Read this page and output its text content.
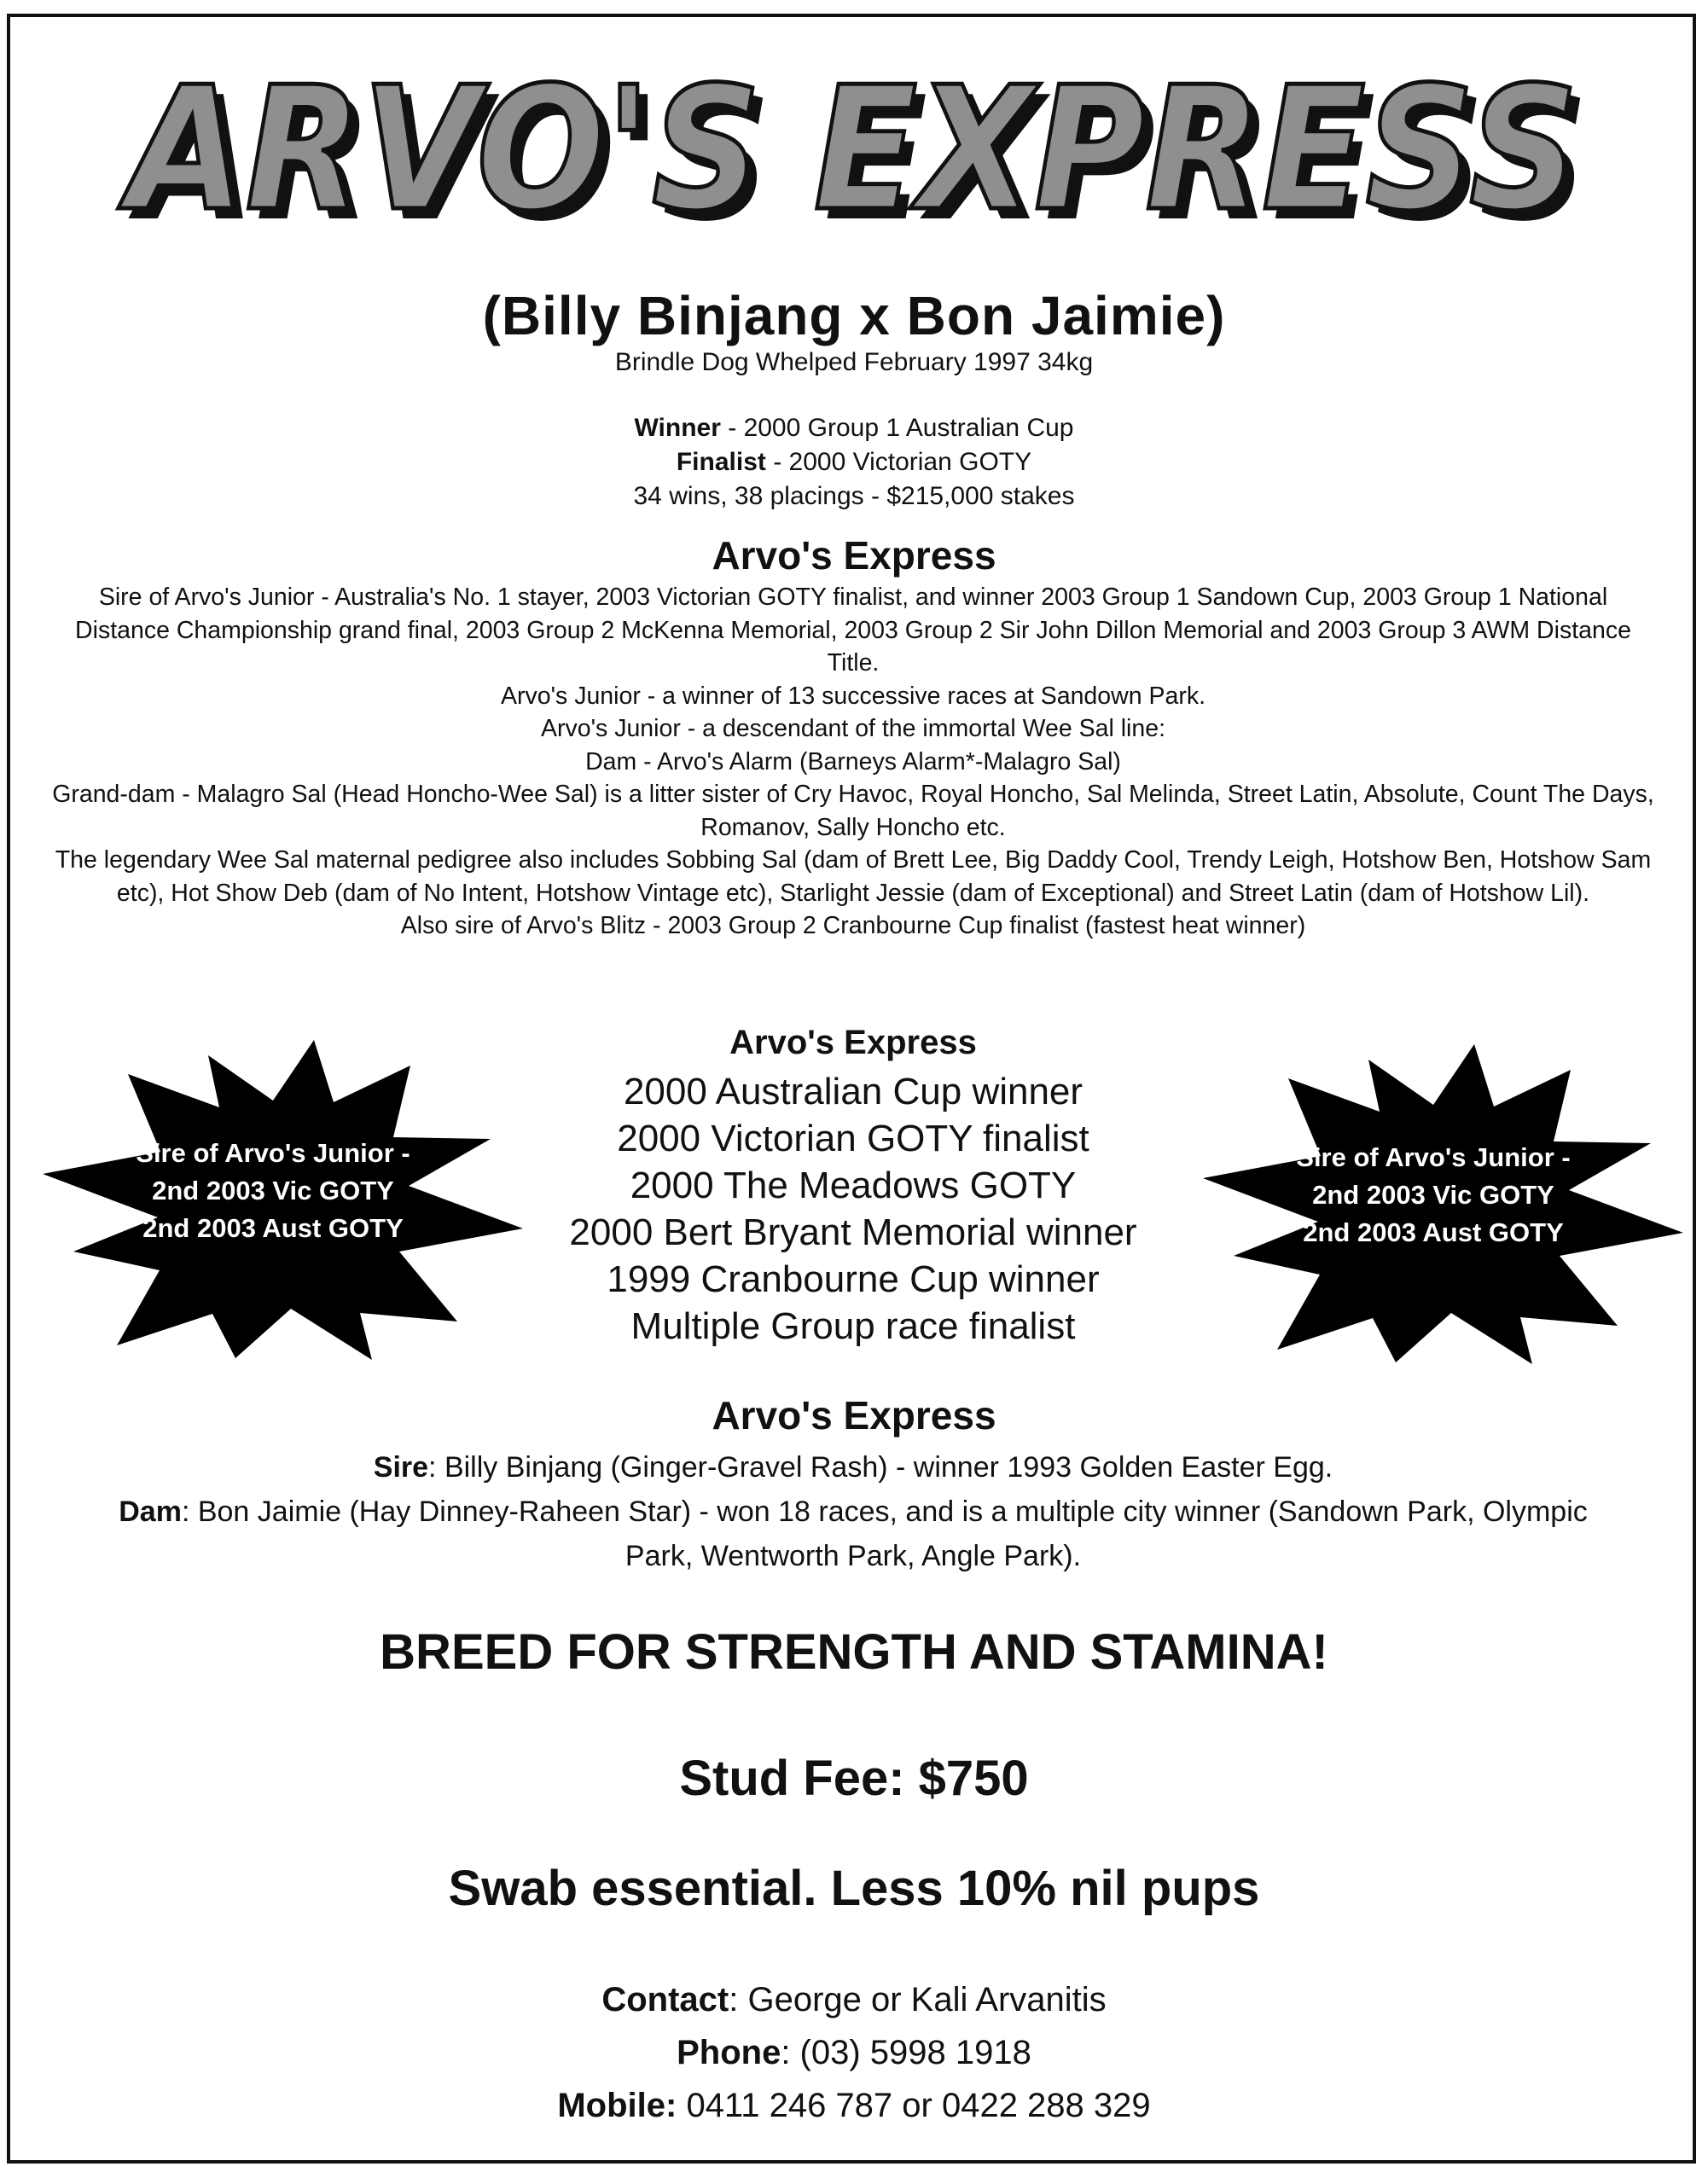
ARVO'S EXPRESS
ARVO'S EXPRESS
(Billy Binjang x Bon Jaimie)
Brindle Dog Whelped February 1997 34kg
Winner - 2000 Group 1 Australian Cup
Finalist - 2000 Victorian GOTY
34 wins, 38 placings - $215,000 stakes
Arvo's Express

Sire of Arvo's Junior - Australia's No. 1 stayer, 2003 Victorian GOTY finalist, and winner 2003 Group 1 Sandown Cup, 2003 Group 1 National Distance Championship grand final, 2003 Group 2 McKenna Memorial, 2003 Group 2 Sir John Dillon Memorial and 2003 Group 3 AWM Distance Title.

Arvo's Junior - a winner of 13 successive races at Sandown Park.

Arvo's Junior - a descendant of the immortal Wee Sal line:

Dam - Arvo's Alarm (Barneys Alarm*-Malagro Sal)

Grand-dam - Malagro Sal (Head Honcho-Wee Sal) is a litter sister of Cry Havoc, Royal Honcho, Sal Melinda, Street Latin, Absolute, Count The Days, Romanov, Sally Honcho etc.

The legendary Wee Sal maternal pedigree also includes Sobbing Sal (dam of Brett Lee, Big Daddy Cool, Trendy Leigh, Hotshow Ben, Hotshow Sam etc), Hot Show Deb (dam of No Intent, Hotshow Vintage etc), Starlight Jessie (dam of Exceptional) and Street Latin (dam of Hotshow Lil).

Also sire of Arvo's Blitz - 2003 Group 2 Cranbourne Cup finalist (fastest heat winner)

Arvo's Express
2000 Australian Cup winner
2000 Victorian GOTY finalist
2000 The Meadows GOTY
2000 Bert Bryant Memorial winner
1999 Cranbourne Cup winner
Multiple Group race finalist
Sire of Arvo's Junior -
2nd 2003 Vic GOTY
2nd 2003 Aust GOTY
Sire of Arvo's Junior -
2nd 2003 Vic GOTY
2nd 2003 Aust GOTY
Arvo's Express

Sire: Billy Binjang (Ginger-Gravel Rash) - winner 1993 Golden Easter Egg.

Dam: Bon Jaimie (Hay Dinney-Raheen Star) - won 18 races, and is a multiple city winner (Sandown Park, Olympic Park, Wentworth Park, Angle Park).

BREED FOR STRENGTH AND STAMINA!
Stud Fee: $750
Swab essential. Less 10% nil pups
Contact: George or Kali Arvanitis
Phone: (03) 5998 1918
Mobile: 0411 246 787 or 0422 288 329
